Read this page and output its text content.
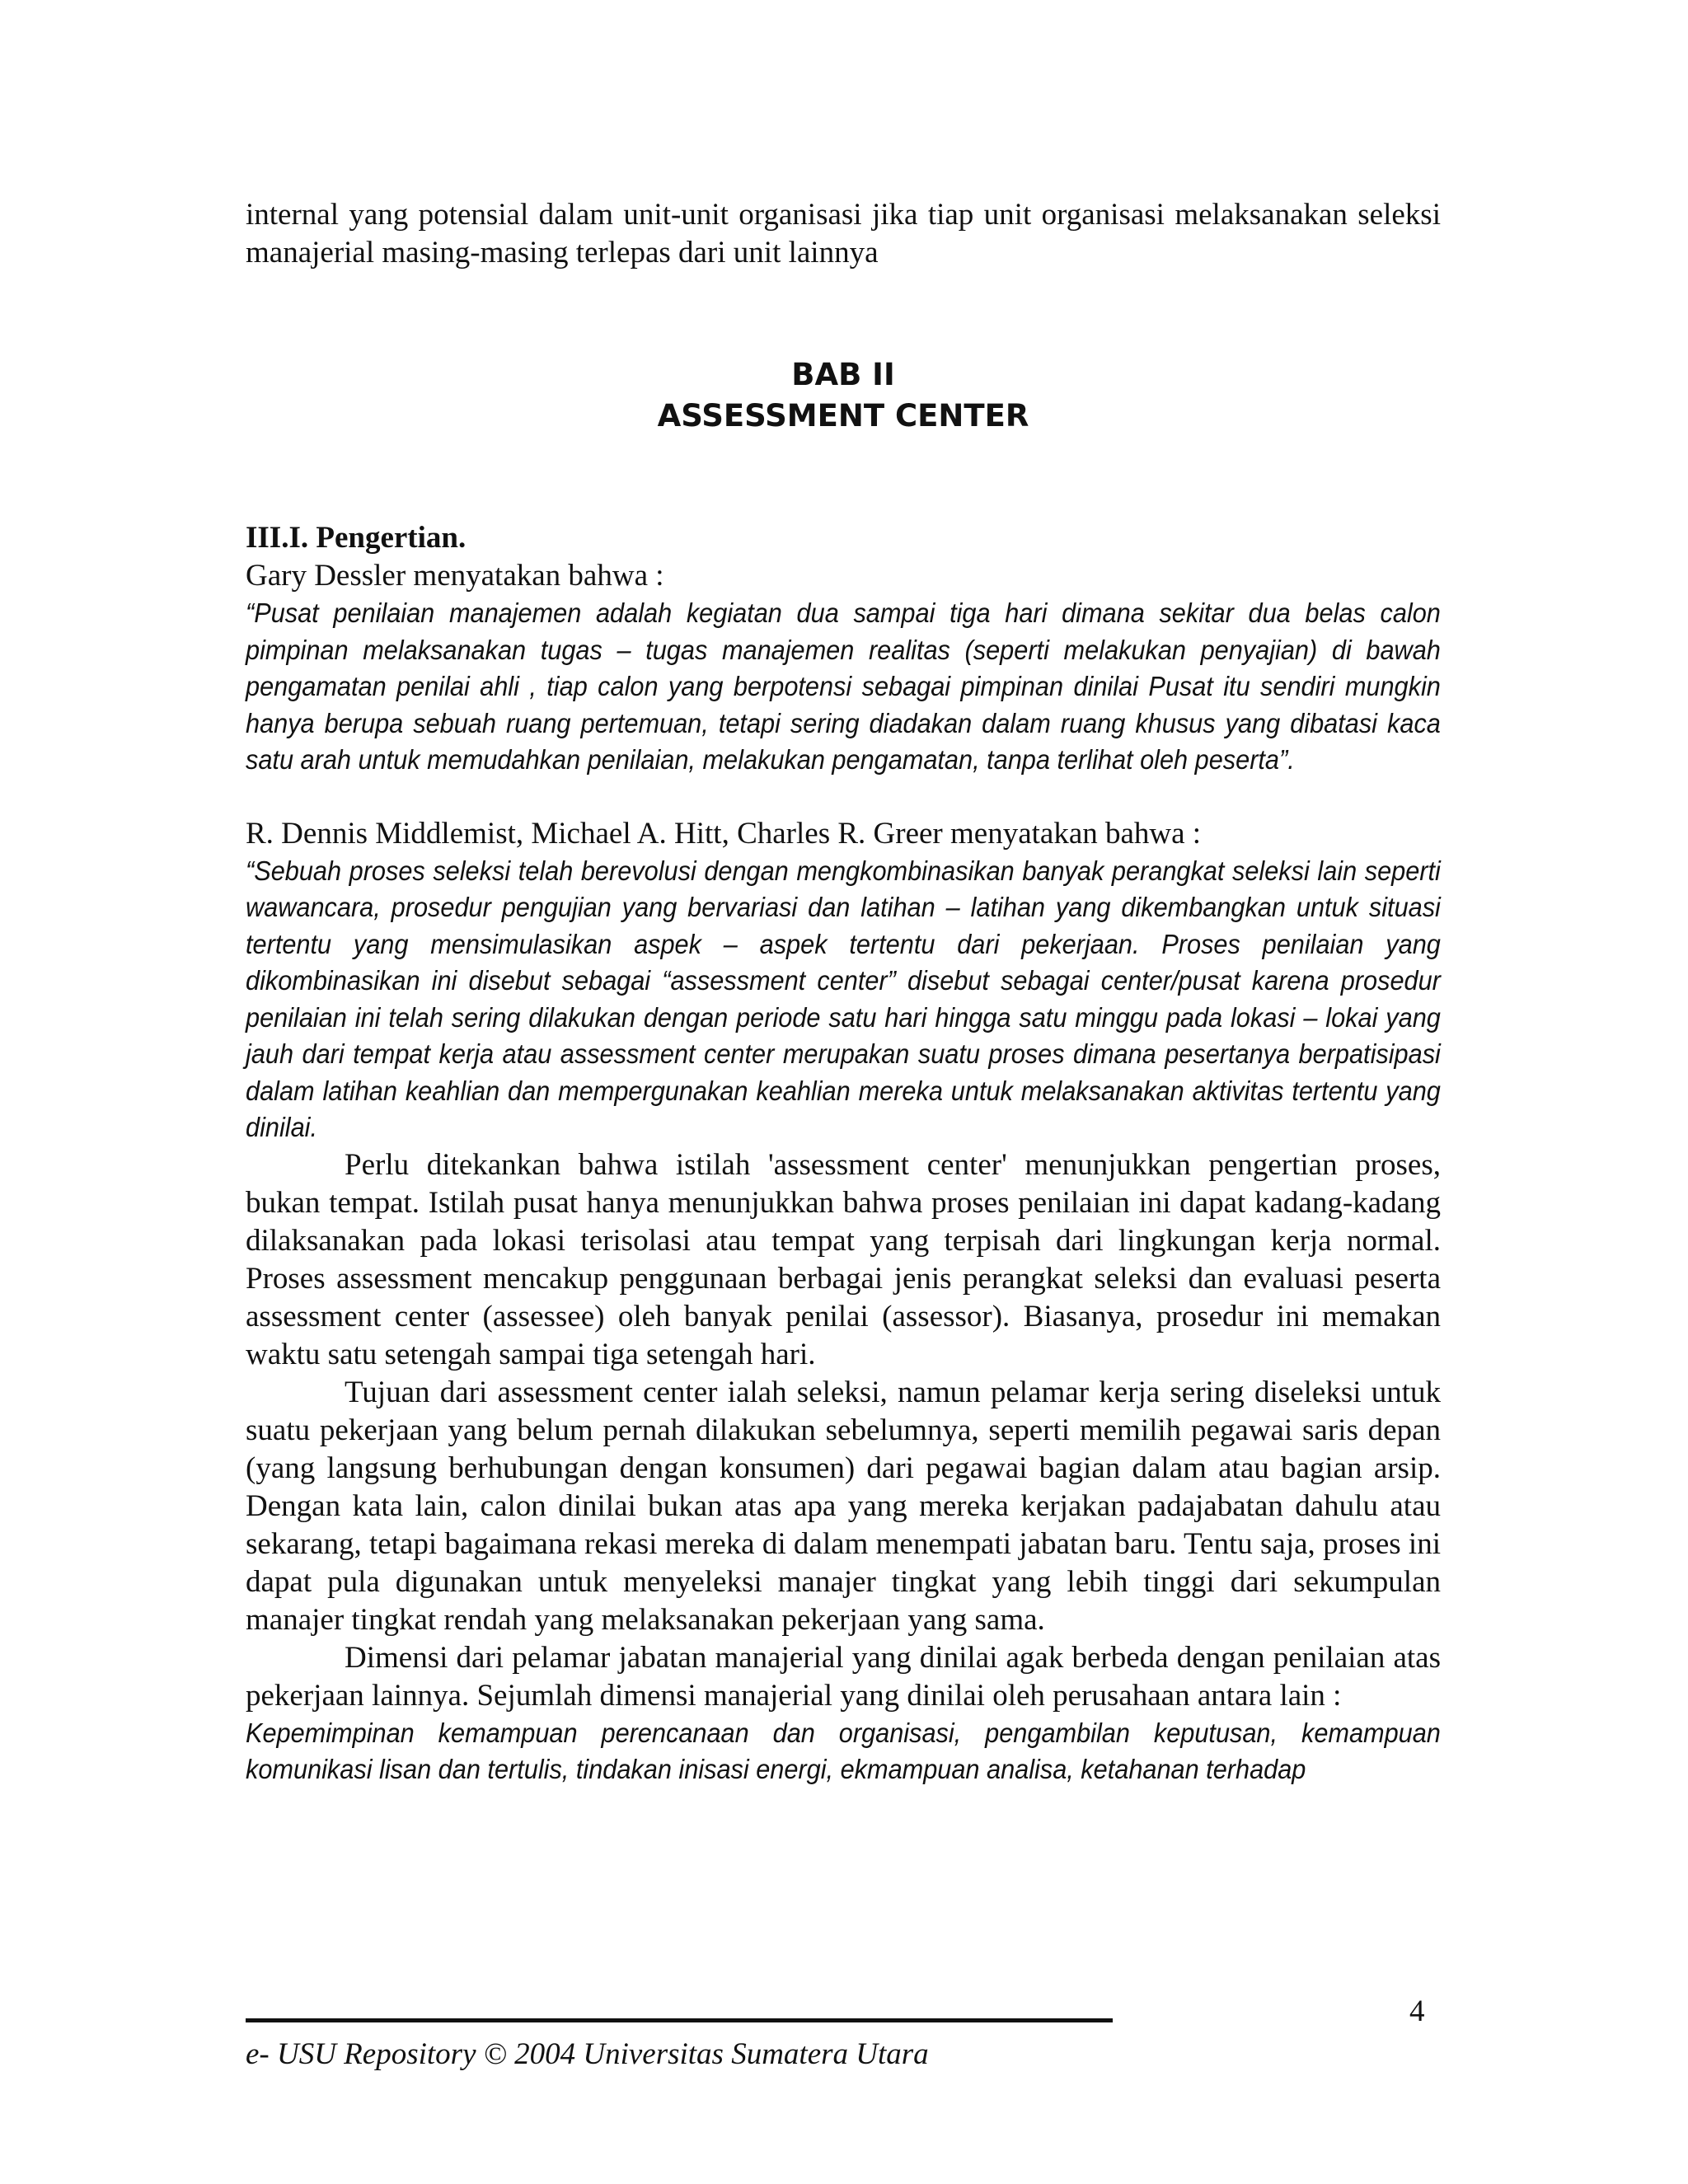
internal yang potensial dalam unit-unit organisasi jika tiap unit organisasi melaksanakan seleksi manajerial masing-masing terlepas dari unit lainnya

BAB II
ASSESSMENT CENTER
III.I. Pengertian.

Gary Dessler menyatakan bahwa :

“Pusat penilaian manajemen adalah kegiatan dua sampai tiga hari dimana sekitar dua belas calon pimpinan melaksanakan tugas – tugas manajemen realitas (seperti melakukan penyajian) di bawah pengamatan penilai ahli , tiap calon yang berpotensi sebagai pimpinan dinilai Pusat itu sendiri mungkin hanya berupa sebuah ruang pertemuan, tetapi sering diadakan dalam ruang khusus yang dibatasi kaca satu arah untuk memudahkan penilaian, melakukan pengamatan, tanpa terlihat oleh peserta”.

R. Dennis Middlemist, Michael A. Hitt, Charles R. Greer menyatakan bahwa :

“Sebuah proses seleksi telah berevolusi dengan mengkombinasikan banyak perangkat seleksi lain seperti wawancara, prosedur pengujian yang bervariasi dan latihan – latihan yang dikembangkan untuk situasi tertentu yang mensimulasikan aspek – aspek tertentu dari pekerjaan. Proses penilaian yang dikombinasikan ini disebut sebagai “assessment center” disebut sebagai center/pusat karena prosedur penilaian ini telah sering dilakukan dengan periode satu hari hingga satu minggu pada lokasi – lokai yang jauh dari tempat kerja atau assessment center merupakan suatu proses dimana pesertanya berpatisipasi dalam latihan keahlian dan mempergunakan keahlian mereka untuk melaksanakan aktivitas tertentu yang dinilai.

Perlu ditekankan bahwa istilah 'assessment center' menunjukkan pengertian proses, bukan tempat. Istilah pusat hanya menunjukkan bahwa proses penilaian ini dapat kadang-kadang dilaksanakan pada lokasi terisolasi atau tempat yang terpisah dari lingkungan kerja normal. Proses assessment mencakup penggunaan berbagai jenis perangkat seleksi dan evaluasi peserta assessment center (assessee) oleh banyak penilai (assessor). Biasanya, prosedur ini memakan waktu satu setengah sampai tiga setengah hari.

Tujuan dari assessment center ialah seleksi, namun pelamar kerja sering diseleksi untuk suatu pekerjaan yang belum pernah dilakukan sebelumnya, seperti memilih pegawai saris depan (yang langsung berhubungan dengan konsumen) dari pegawai bagian dalam atau bagian arsip. Dengan kata lain, calon dinilai bukan atas apa yang mereka kerjakan padajabatan dahulu atau sekarang, tetapi bagaimana rekasi mereka di dalam menempati jabatan baru. Tentu saja, proses ini dapat pula digunakan untuk menyeleksi manajer tingkat yang lebih tinggi dari sekumpulan manajer tingkat rendah yang melaksanakan pekerjaan yang sama.

Dimensi dari pelamar jabatan manajerial yang dinilai agak berbeda dengan penilaian atas pekerjaan lainnya. Sejumlah dimensi manajerial yang dinilai oleh perusahaan antara lain :

Kepemimpinan kemampuan perencanaan dan organisasi, pengambilan keputusan, kemampuan komunikasi lisan dan tertulis, tindakan inisasi energi, ekmampuan analisa, ketahanan terhadap

4
e- USU Repository © 2004 Universitas Sumatera Utara
